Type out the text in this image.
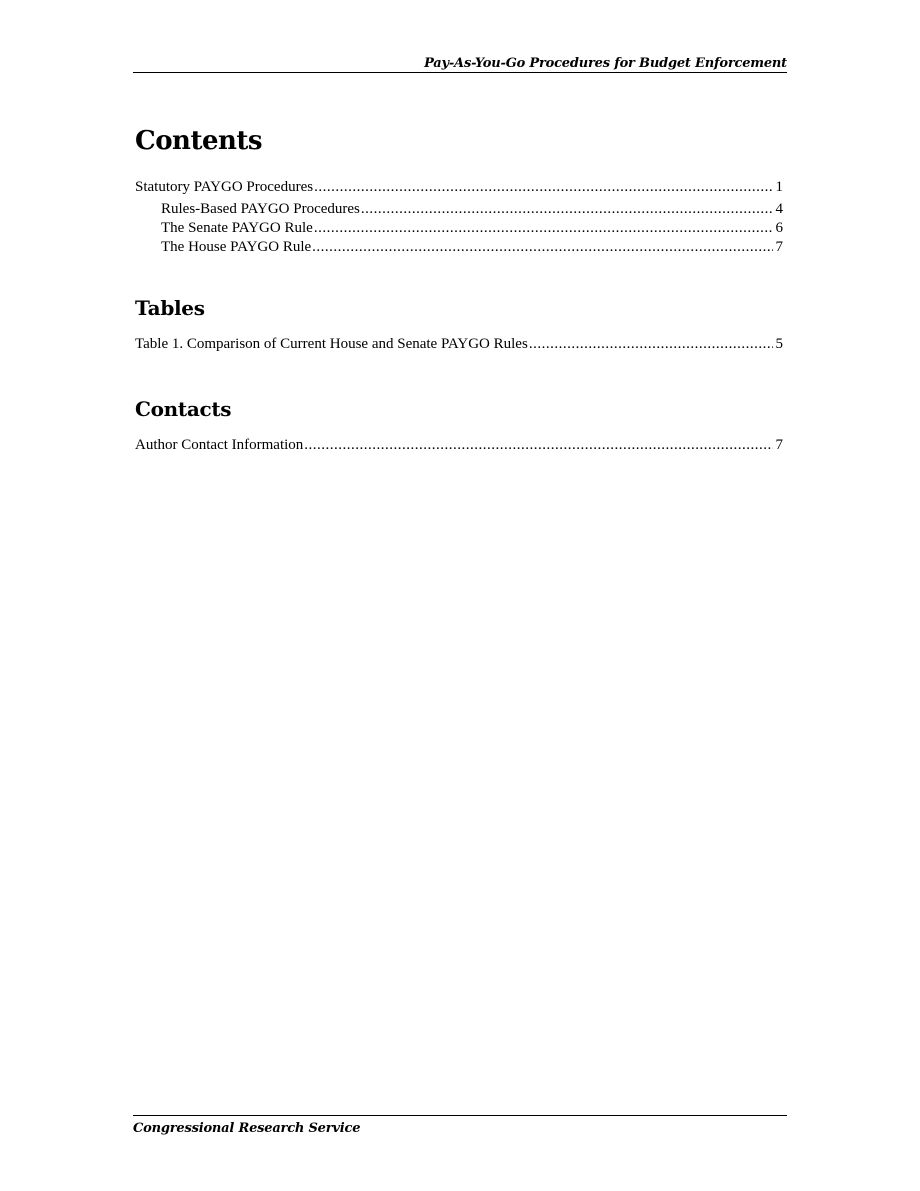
Pay-As-You-Go Procedures for Budget Enforcement
Contents
Statutory PAYGO Procedures .....	1
Rules-Based PAYGO Procedures .....	4
The Senate PAYGO Rule .....	6
The House PAYGO Rule .....	7
Tables
Table 1. Comparison of Current House and Senate PAYGO Rules .....	5
Contacts
Author Contact Information .....	7
Congressional Research Service
